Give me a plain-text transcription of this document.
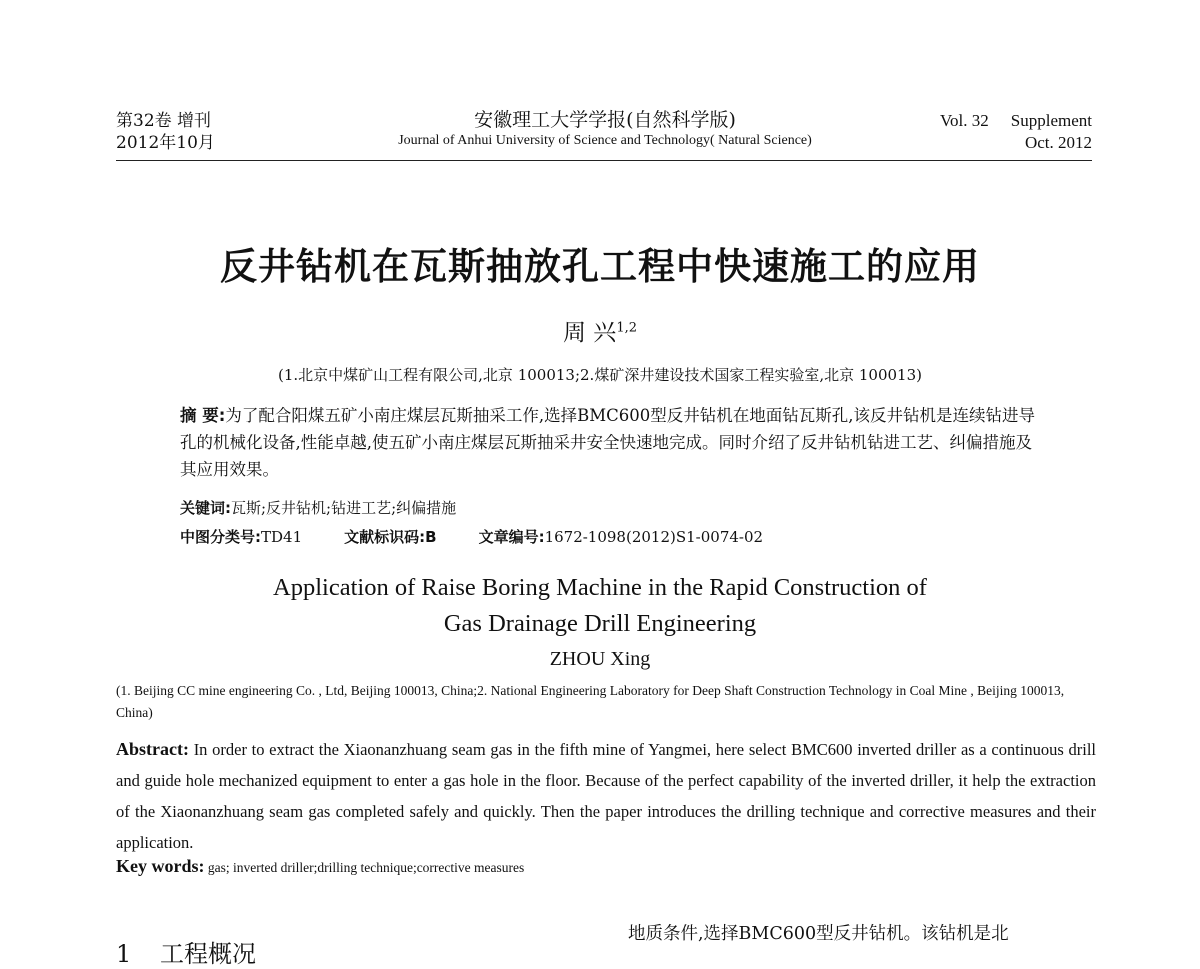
第32卷 增刊
2012年10月
安徽理工大学学报(自然科学版)
Journal of Anhui University of Science and Technology( Natural Science)
Vol. 32 Supplement
Oct. 2012
反井钻机在瓦斯抽放孔工程中快速施工的应用
周 兴$^{1,2}$
(1.北京中煤矿山工程有限公司,北京 100013;2.煤矿深井建设技术国家工程实验室,北京 100013)
摘 要:为了配合阳煤五矿小南庄煤层瓦斯抽采工作,选择BMC600型反井钻机在地面钻瓦斯孔,该反井钻机是连续钻进导孔的机械化设备,性能卓越,使五矿小南庄煤层瓦斯抽采井安全快速地完成。同时介绍了反井钻机钻进工艺、纠偏措施及其应用效果。
关键词:瓦斯;反井钻机;钻进工艺;纠偏措施
中图分类号:TD41	文献标识码:B	文章编号:1672-1098(2012)S1-0074-02
Application of Raise Boring Machine in the Rapid Construction of
Gas Drainage Drill Engineering
ZHOU Xing
(1. Beijing CC mine engineering Co. , Ltd, Beijing 100013, China;2. National Engineering Laboratory for Deep Shaft Construction Technology in Coal Mine , Beijing 100013, China)
Abstract: In order to extract the Xiaonanzhuang seam gas in the fifth mine of Yangmei, here select BMC600 inverted driller as a continuous drill and guide hole mechanized equipment to enter a gas hole in the floor. Because of the perfect capability of the inverted driller, it help the extraction of the Xiaonanzhuang seam gas completed safely and quickly. Then the paper introduces the drilling technique and corrective measures and their application.
Key words: gas; inverted driller;drilling technique;corrective measures
地质条件,选择BMC600型反井钻机。该钻机是北
1 工程概况
